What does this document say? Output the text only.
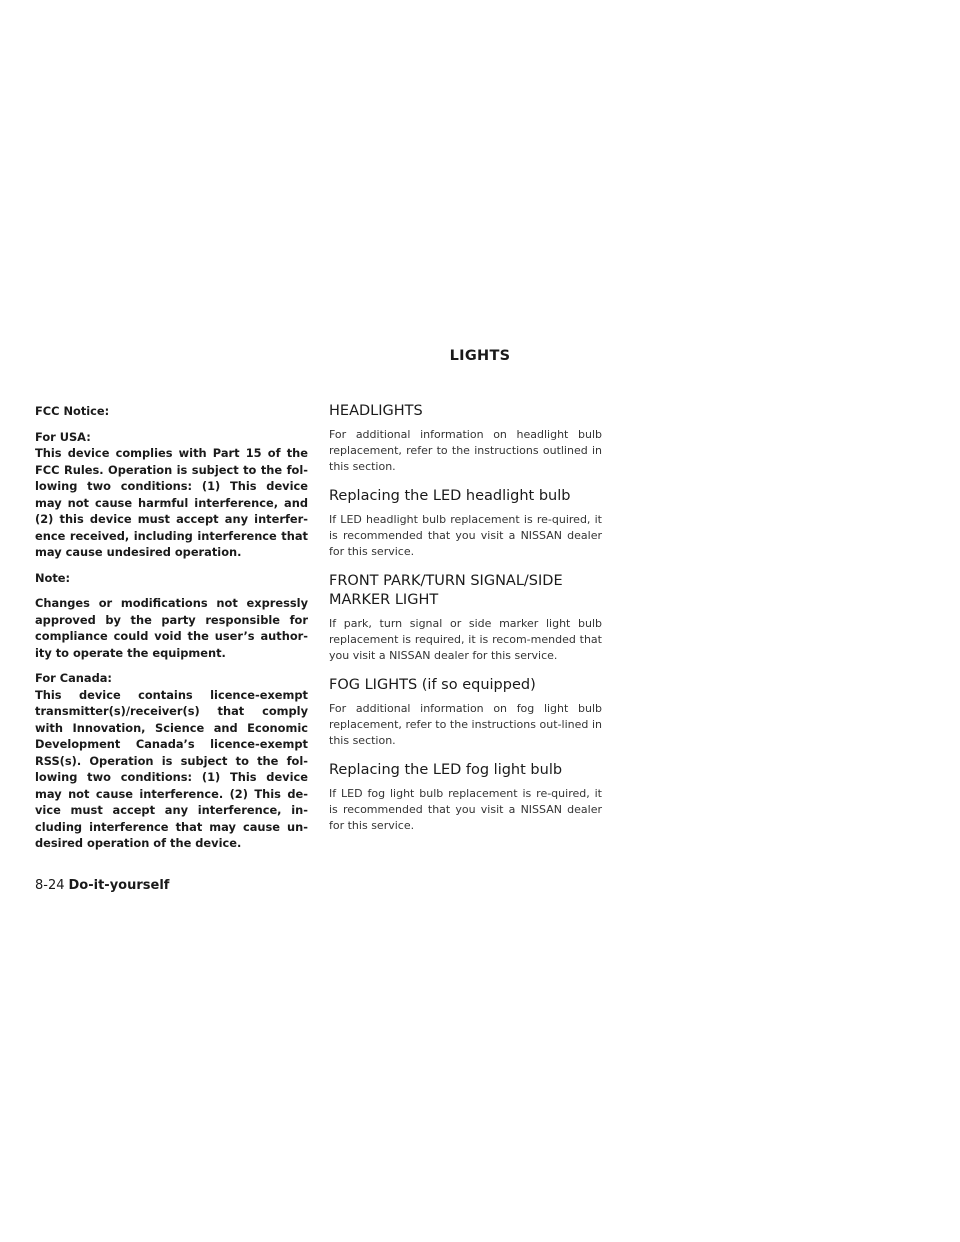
LIGHTS

FCC Notice:

For USA:
This device complies with Part 15 of the FCC Rules. Operation is subject to the fol-lowing two conditions: (1) This device may not cause harmful interference, and (2) this device must accept any interfer-ence received, including interference that may cause undesired operation.

Note:

Changes or modifications not expressly approved by the party responsible for compliance could void the user’s author-ity to operate the equipment.

For Canada:
This device contains licence-exempt transmitter(s)/receiver(s) that comply with Innovation, Science and Economic Development Canada’s licence-exempt RSS(s). Operation is subject to the fol-lowing two conditions: (1) This device may not cause interference. (2) This de-vice must accept any interference, in-cluding interference that may cause un-desired operation of the device.

HEADLIGHTS

For additional information on headlight bulb replacement, refer to the instructions outlined in this section.

Replacing the LED headlight bulb

If LED headlight bulb replacement is re-quired, it is recommended that you visit a NISSAN dealer for this service.

FRONT PARK/TURN SIGNAL/SIDE
MARKER LIGHT

If park, turn signal or side marker light bulb replacement is required, it is recom-mended that you visit a NISSAN dealer for this service.

FOG LIGHTS (if so equipped)

For additional information on fog light bulb replacement, refer to the instructions out-lined in this section.

Replacing the LED fog light bulb

If LED fog light bulb replacement is re-quired, it is recommended that you visit a NISSAN dealer for this service.

8-24 Do-it-yourself
